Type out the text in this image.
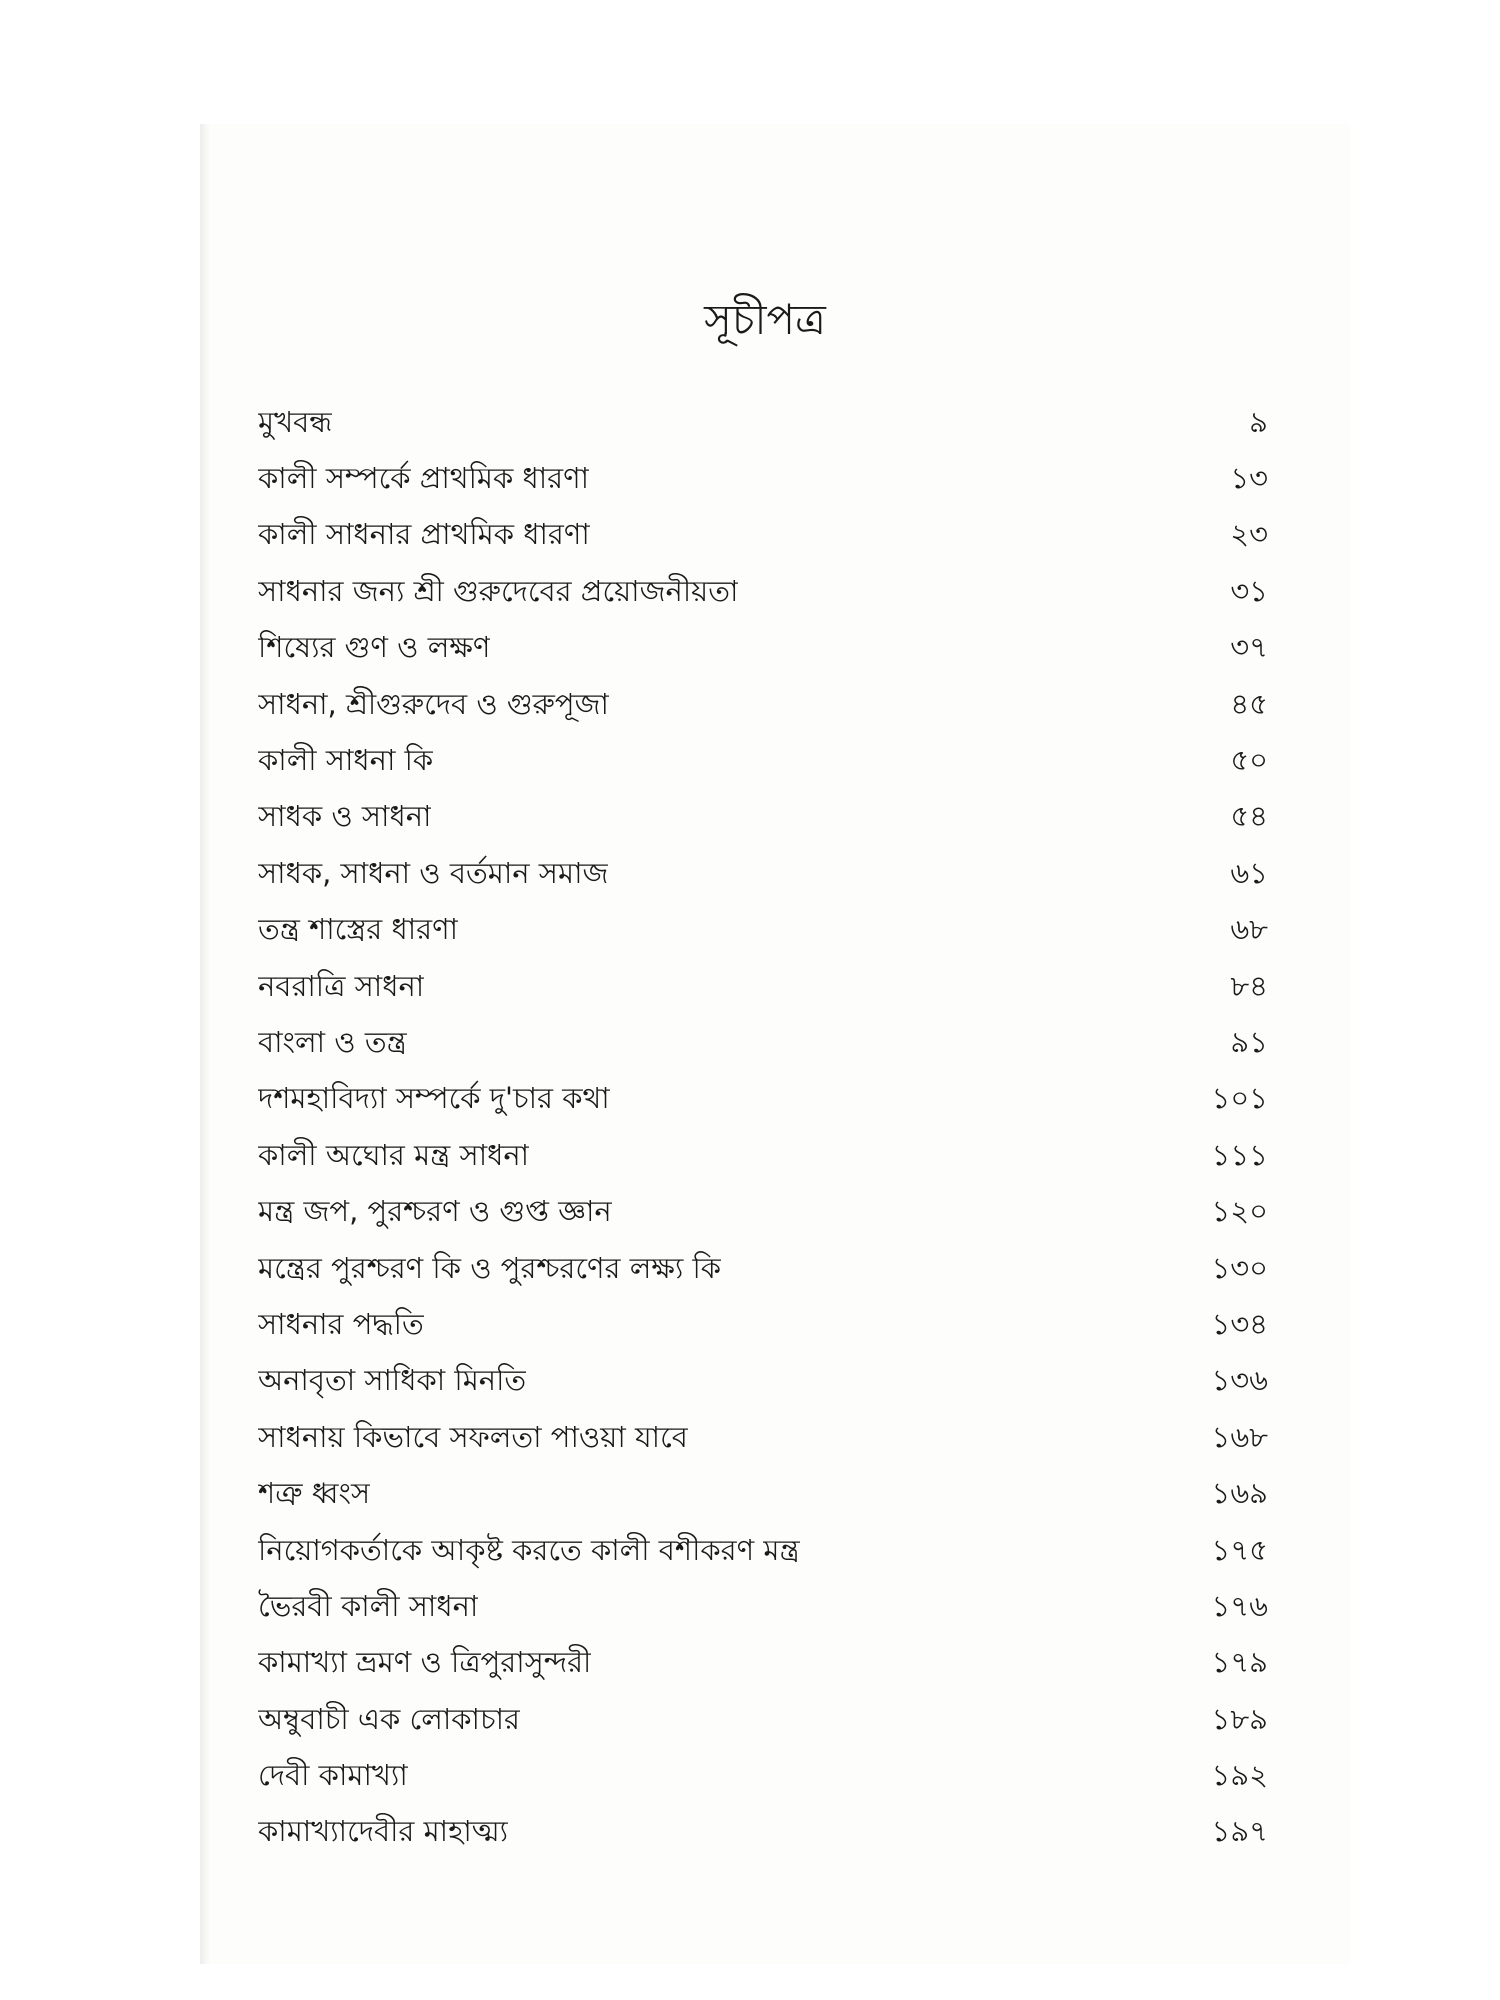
সূচীপত্র
মুখবন্ধ	৯
কালী সম্পর্কে প্রাথমিক ধারণা	১৩
কালী সাধনার প্রাথমিক ধারণা	২৩
সাধনার জন্য শ্রী গুরুদেবের প্রয়োজনীয়তা	৩১
শিষ্যের গুণ ও লক্ষণ	৩৭
সাধনা, শ্রীগুরুদেব ও গুরুপূজা	৪৫
কালী সাধনা কি	৫০
সাধক ও সাধনা	৫৪
সাধক, সাধনা ও বর্তমান সমাজ	৬১
তন্ত্র শাস্ত্রের ধারণা	৬৮
নবরাত্রি সাধনা	৮৪
বাংলা ও তন্ত্র	৯১
দশমহাবিদ্যা সম্পর্কে দু'চার কথা	১০১
কালী অঘোর মন্ত্র সাধনা	১১১
মন্ত্র জপ, পুরশ্চরণ ও গুপ্ত জ্ঞান	১২০
মন্ত্রের পুরশ্চরণ কি ও পুরশ্চরণের লক্ষ্য কি	১৩০
সাধনার পদ্ধতি	১৩৪
অনাবৃতা সাধিকা মিনতি	১৩৬
সাধনায় কিভাবে সফলতা পাওয়া যাবে	১৬৮
শত্রু ধ্বংস	১৬৯
নিয়োগকর্তাকে আকৃষ্ট করতে কালী বশীকরণ মন্ত্র	১৭৫
ভৈরবী কালী সাধনা	১৭৬
কামাখ্যা ভ্রমণ ও ত্রিপুরাসুন্দরী	১৭৯
অম্বুবাচী এক লোকাচার	১৮৯
দেবী কামাখ্যা	১৯২
কামাখ্যাদেবীর মাহাত্ম্য	১৯৭
